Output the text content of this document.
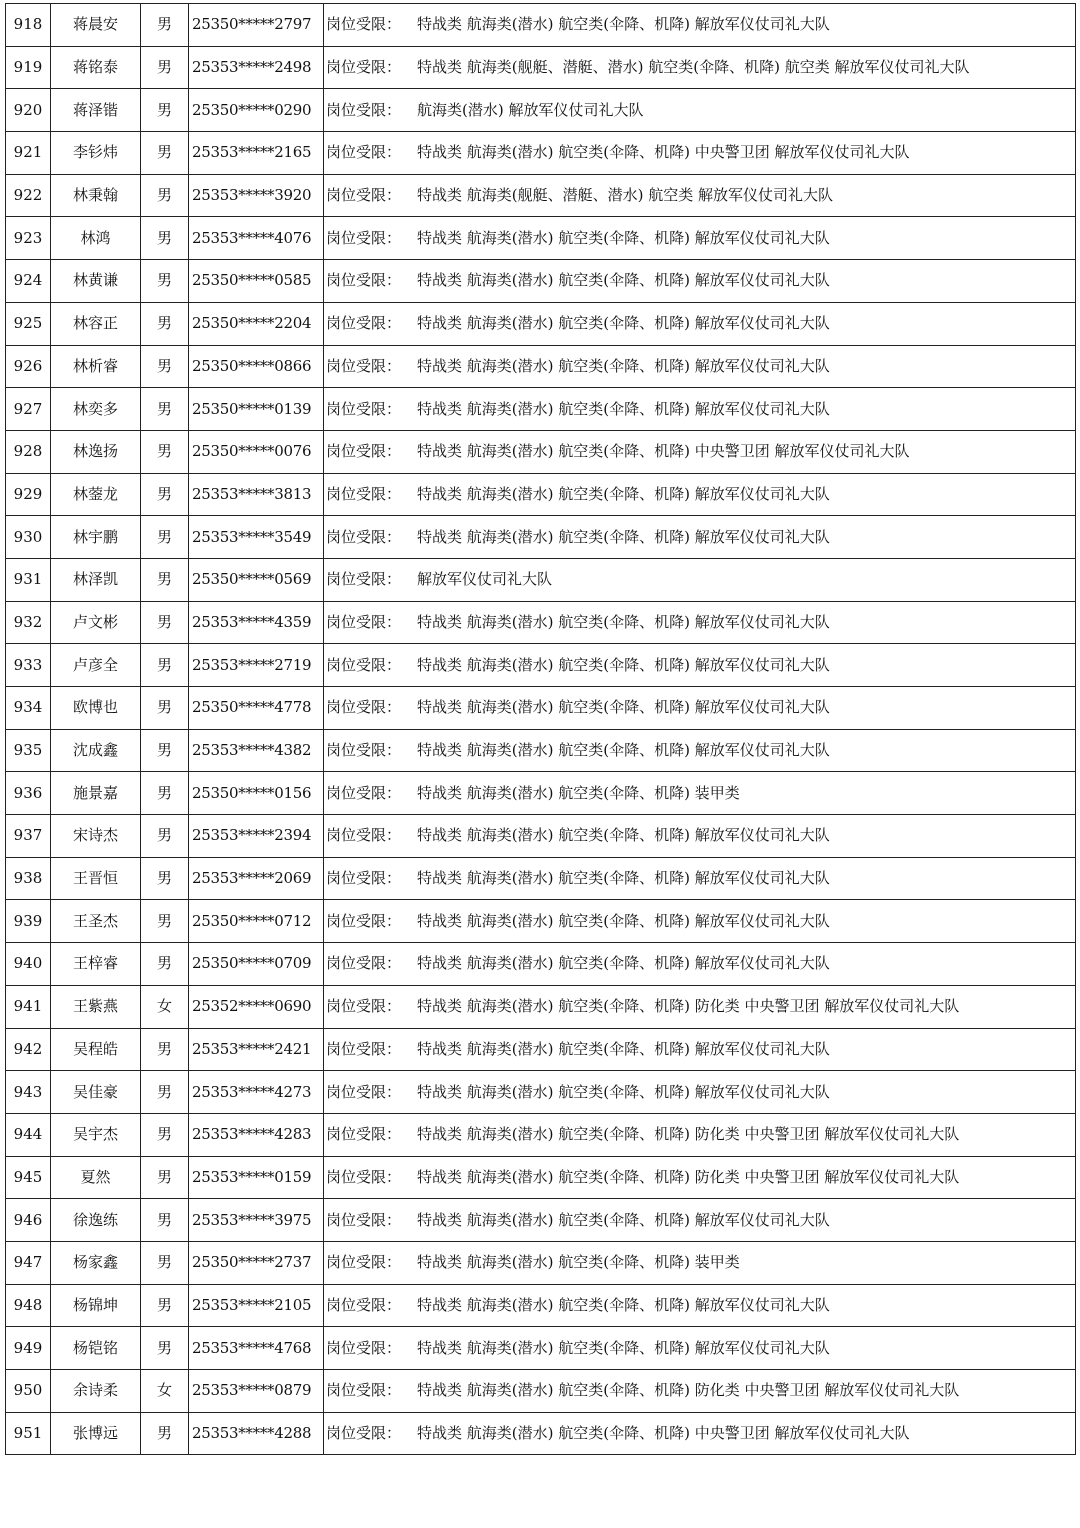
918	蒋晨安	男	25350*****2797	岗位受限： 特战类 航海类(潜水) 航空类(伞降、机降) 解放军仪仗司礼大队
919	蒋铭泰	男	25353*****2498	岗位受限： 特战类 航海类(舰艇、潜艇、潜水) 航空类(伞降、机降) 航空类 解放军仪仗司礼大队
920	蒋泽锴	男	25350*****0290	岗位受限： 航海类(潜水) 解放军仪仗司礼大队
921	李钐炜	男	25353*****2165	岗位受限： 特战类 航海类(潜水) 航空类(伞降、机降) 中央警卫团 解放军仪仗司礼大队
922	林秉翰	男	25353*****3920	岗位受限： 特战类 航海类(舰艇、潜艇、潜水) 航空类 解放军仪仗司礼大队
923	林鸿	男	25353*****4076	岗位受限： 特战类 航海类(潜水) 航空类(伞降、机降) 解放军仪仗司礼大队
924	林黄谦	男	25350*****0585	岗位受限： 特战类 航海类(潜水) 航空类(伞降、机降) 解放军仪仗司礼大队
925	林容正	男	25350*****2204	岗位受限： 特战类 航海类(潜水) 航空类(伞降、机降) 解放军仪仗司礼大队
926	林析睿	男	25350*****0866	岗位受限： 特战类 航海类(潜水) 航空类(伞降、机降) 解放军仪仗司礼大队
927	林奕多	男	25350*****0139	岗位受限： 特战类 航海类(潜水) 航空类(伞降、机降) 解放军仪仗司礼大队
928	林逸扬	男	25350*****0076	岗位受限： 特战类 航海类(潜水) 航空类(伞降、机降) 中央警卫团 解放军仪仗司礼大队
929	林蓥龙	男	25353*****3813	岗位受限： 特战类 航海类(潜水) 航空类(伞降、机降) 解放军仪仗司礼大队
930	林宇鹏	男	25353*****3549	岗位受限： 特战类 航海类(潜水) 航空类(伞降、机降) 解放军仪仗司礼大队
931	林泽凯	男	25350*****0569	岗位受限： 解放军仪仗司礼大队
932	卢文彬	男	25353*****4359	岗位受限： 特战类 航海类(潜水) 航空类(伞降、机降) 解放军仪仗司礼大队
933	卢彦全	男	25353*****2719	岗位受限： 特战类 航海类(潜水) 航空类(伞降、机降) 解放军仪仗司礼大队
934	欧博也	男	25350*****4778	岗位受限： 特战类 航海类(潜水) 航空类(伞降、机降) 解放军仪仗司礼大队
935	沈成鑫	男	25353*****4382	岗位受限： 特战类 航海类(潜水) 航空类(伞降、机降) 解放军仪仗司礼大队
936	施景嘉	男	25350*****0156	岗位受限： 特战类 航海类(潜水) 航空类(伞降、机降) 装甲类
937	宋诗杰	男	25353*****2394	岗位受限： 特战类 航海类(潜水) 航空类(伞降、机降) 解放军仪仗司礼大队
938	王晋恒	男	25353*****2069	岗位受限： 特战类 航海类(潜水) 航空类(伞降、机降) 解放军仪仗司礼大队
939	王圣杰	男	25350*****0712	岗位受限： 特战类 航海类(潜水) 航空类(伞降、机降) 解放军仪仗司礼大队
940	王梓睿	男	25350*****0709	岗位受限： 特战类 航海类(潜水) 航空类(伞降、机降) 解放军仪仗司礼大队
941	王紫燕	女	25352*****0690	岗位受限： 特战类 航海类(潜水) 航空类(伞降、机降) 防化类 中央警卫团 解放军仪仗司礼大队
942	吴程皓	男	25353*****2421	岗位受限： 特战类 航海类(潜水) 航空类(伞降、机降) 解放军仪仗司礼大队
943	吴佳豪	男	25353*****4273	岗位受限： 特战类 航海类(潜水) 航空类(伞降、机降) 解放军仪仗司礼大队
944	吴宇杰	男	25353*****4283	岗位受限： 特战类 航海类(潜水) 航空类(伞降、机降) 防化类 中央警卫团 解放军仪仗司礼大队
945	夏然	男	25353*****0159	岗位受限： 特战类 航海类(潜水) 航空类(伞降、机降) 防化类 中央警卫团 解放军仪仗司礼大队
946	徐逸练	男	25353*****3975	岗位受限： 特战类 航海类(潜水) 航空类(伞降、机降) 解放军仪仗司礼大队
947	杨家鑫	男	25350*****2737	岗位受限： 特战类 航海类(潜水) 航空类(伞降、机降) 装甲类
948	杨锦坤	男	25353*****2105	岗位受限： 特战类 航海类(潜水) 航空类(伞降、机降) 解放军仪仗司礼大队
949	杨铠铭	男	25353*****4768	岗位受限： 特战类 航海类(潜水) 航空类(伞降、机降) 解放军仪仗司礼大队
950	余诗柔	女	25353*****0879	岗位受限： 特战类 航海类(潜水) 航空类(伞降、机降) 防化类 中央警卫团 解放军仪仗司礼大队
951	张博远	男	25353*****4288	岗位受限： 特战类 航海类(潜水) 航空类(伞降、机降) 中央警卫团 解放军仪仗司礼大队
